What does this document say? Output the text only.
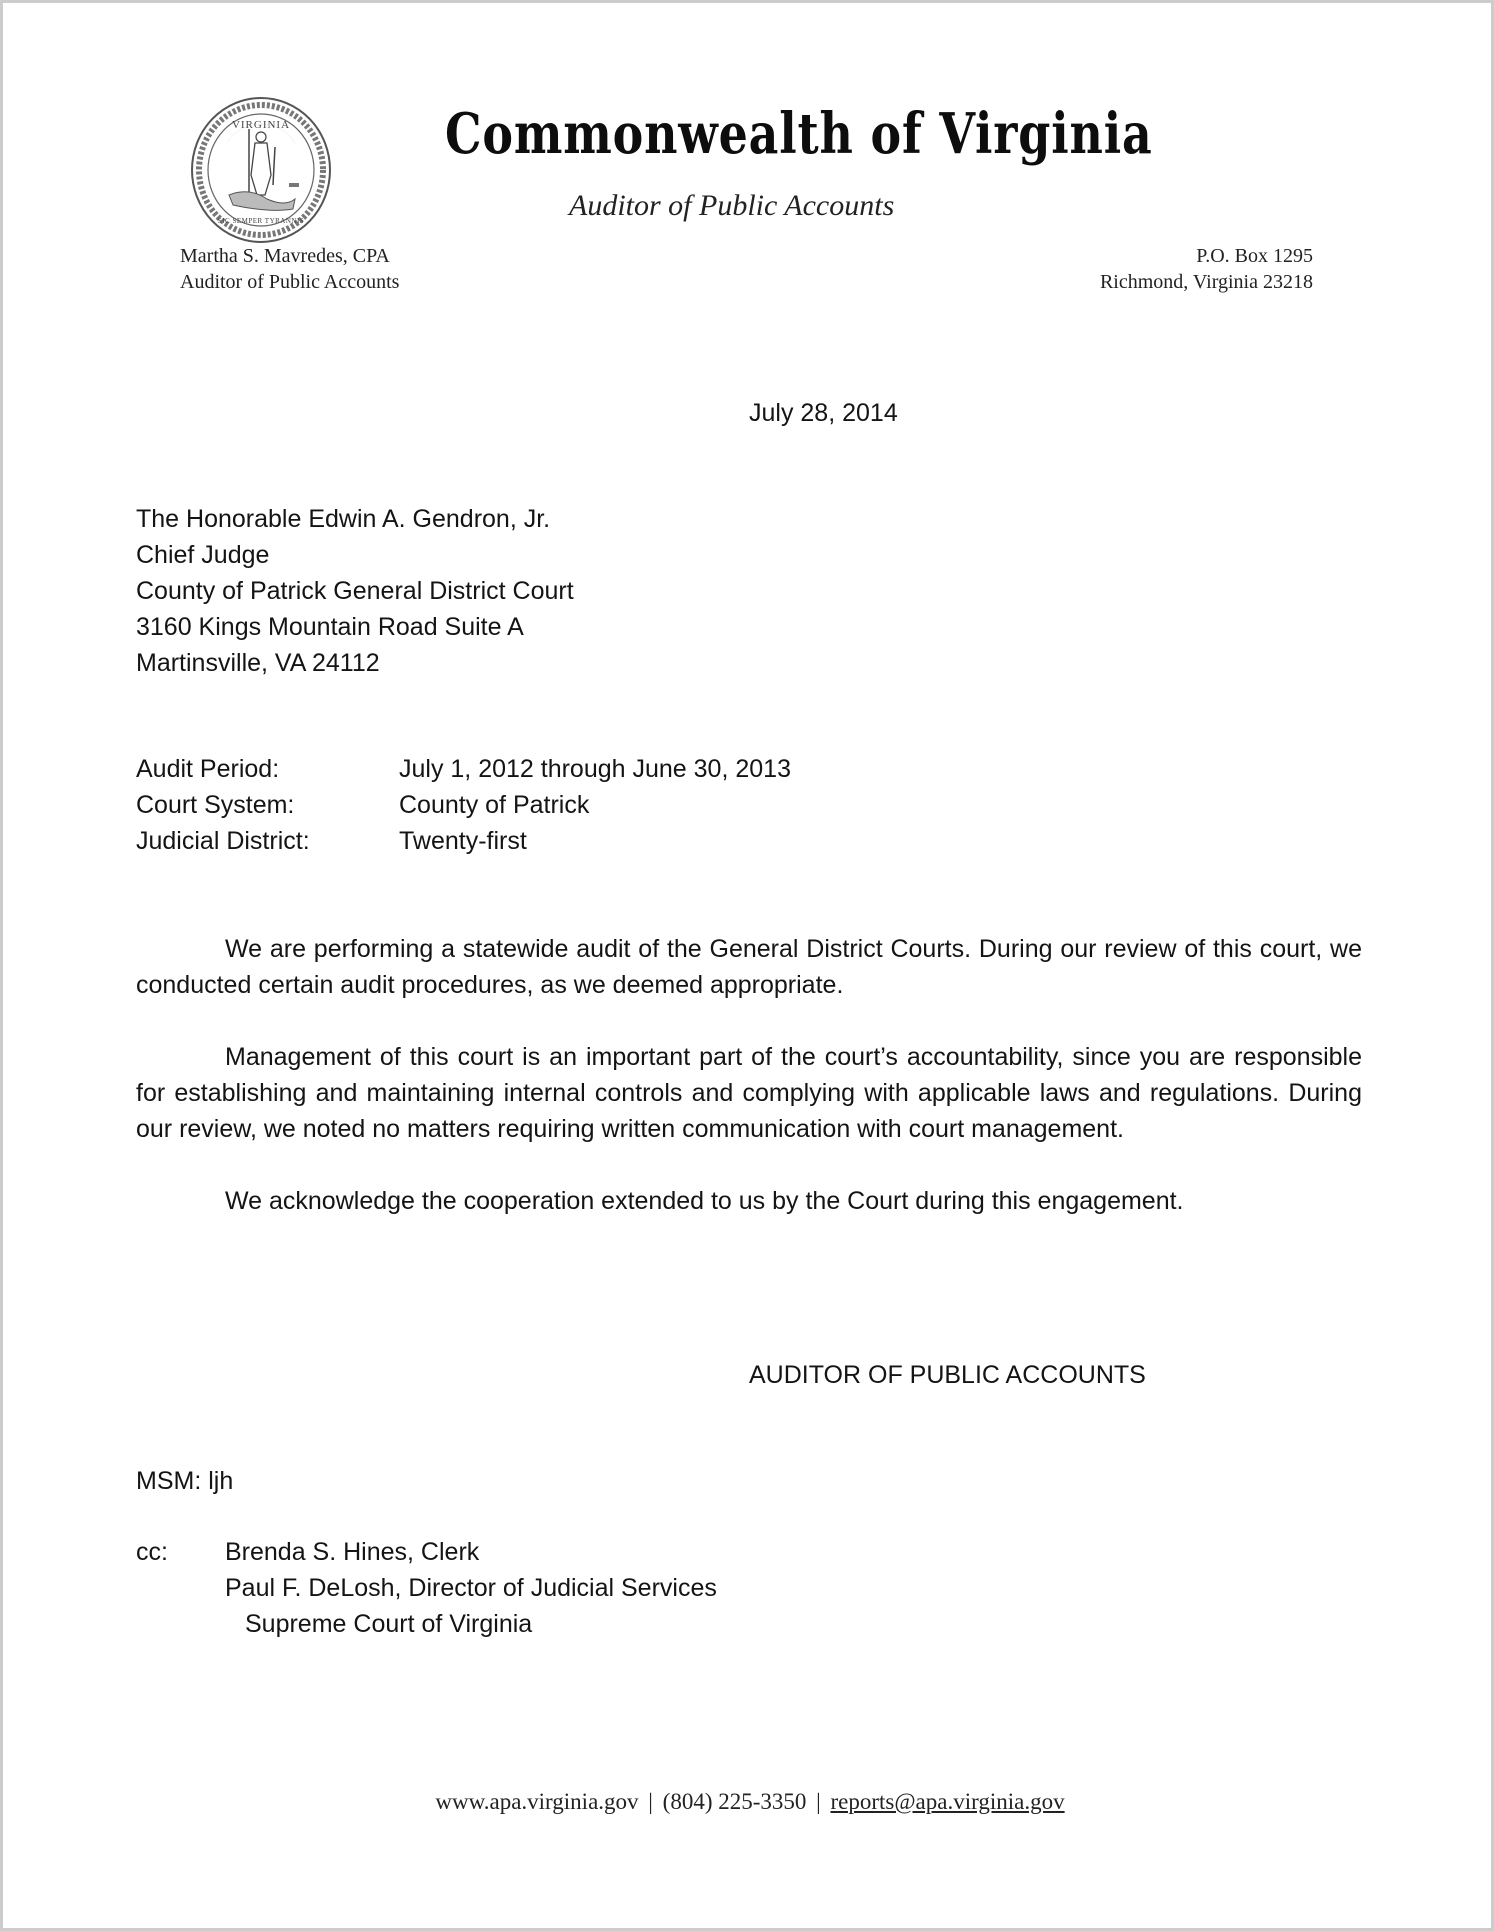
VIRGINIA
SIC SEMPER TYRANNIS
Commonwealth of Virginia
Auditor of Public Accounts
Martha S. Mavredes, CPA
Auditor of Public Accounts
P.O. Box 1295
Richmond, Virginia 23218
July 28, 2014
The Honorable Edwin A. Gendron, Jr.
Chief Judge
County of Patrick General District Court
3160 Kings Mountain Road Suite A
Martinsville, VA 24112
Audit Period:	July 1, 2012 through June 30, 2013
Court System:	County of Patrick
Judicial District:	Twenty-first

We are performing a statewide audit of the General District Courts. During our review of this court, we conducted certain audit procedures, as we deemed appropriate.

Management of this court is an important part of the court’s accountability, since you are responsible for establishing and maintaining internal controls and complying with applicable laws and regulations. During our review, we noted no matters requiring written communication with court management.

We acknowledge the cooperation extended to us by the Court during this engagement.

AUDITOR OF PUBLIC ACCOUNTS
MSM: ljh
cc:	Brenda S. Hines, Clerk
Paul F. DeLosh, Director of Judicial Services
Supreme Court of Virginia
www.apa.virginia.gov | (804) 225-3350 | reports@apa.virginia.gov
